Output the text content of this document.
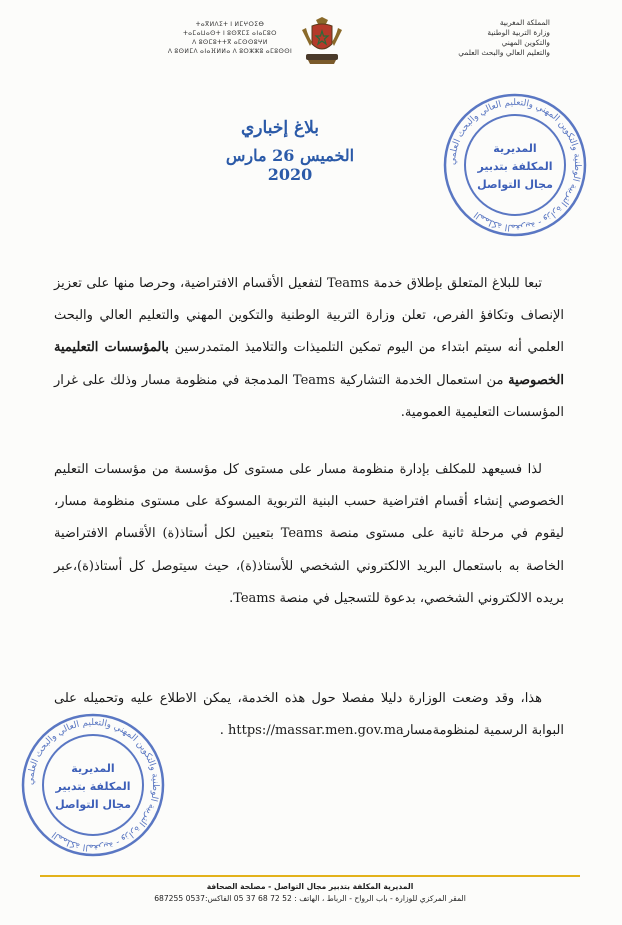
ⵜⴰⴳⵍⴷⵉⵜ ⵏ ⵍⵎⵖⵔⵉⴱ
ⵜⴰⵎⴰⵡⴰⵙⵜ ⵏ ⵓⵙⴳⵎⵉ ⴰⵏⴰⵎⵓⵔ
ⴷ ⵓⵙⵎⵓⵜⵜⴳ ⴰⵎⵙⵙⵓⵖⵍ
ⴷ ⵓⵙⵍⵎⴷ ⴰⵏⴰⴼⵍⵍⴰ ⴷ ⵓⵔⵣⵣⵓ ⴰⵎⵓⵙⵙⵏ
المملكة المغربية
وزارة التربية الوطنية
والتكوين المهني
والتعليم العالي والبحث العلمي
بلاغ إخباري
الخميس 26 مارس 2020
المملكة المغربية - وزارة التربية الوطنية والتكوين المهني والتعليم العالي والبحث العلمي
المديرية
المكلفة بتدبير
مجال التواصل

تبعا للبلاغ المتعلق بإطلاق خدمة Teams لتفعيل الأقسام الافتراضية، وحرصا منها على تعزيز الإنصاف وتكافؤ الفرص، تعلن وزارة التربية الوطنية والتكوين المهني والتعليم العالي والبحث العلمي أنه سيتم ابتداء من اليوم تمكين التلميذات والتلاميذ المتمدرسين بالمؤسسات التعليمية الخصوصية من استعمال الخدمة التشاركية Teams المدمجة في منظومة مسار وذلك على غرار المؤسسات التعليمية العمومية.

لذا فسيعهد للمكلف بإدارة منظومة مسار على مستوى كل مؤسسة من مؤسسات التعليم الخصوصي إنشاء أقسام افتراضية حسب البنية التربوية المسوكة على مستوى منظومة مسار، ليقوم في مرحلة ثانية على مستوى منصة Teams بتعيين لكل أستاذ(ة) الأقسام الافتراضية الخاصة به باستعمال البريد الالكتروني الشخصي للأستاذ(ة)، حيث سيتوصل كل أستاذ(ة)،عبر بريده الالكتروني الشخصي، بدعوة للتسجيل في منصة Teams.

هذا، وقد وضعت الوزارة دليلا مفصلا حول هذه الخدمة، يمكن الاطلاع عليه وتحميله على البوابة الرسمية لمنظومةمسارhttps://massar.men.gov.ma .

المملكة المغربية - وزارة التربية الوطنية والتكوين المهني والتعليم العالي والبحث العلمي
المديرية
المكلفة بتدبير
مجال التواصل
المديرية المكلفة بتدبير مجال التواصل - مصلحة الصحافة
المقر المركزي للوزارة - باب الرواح - الرباط ، الهاتف : 52 72 68 37 05 الفاكس:0537 687255
